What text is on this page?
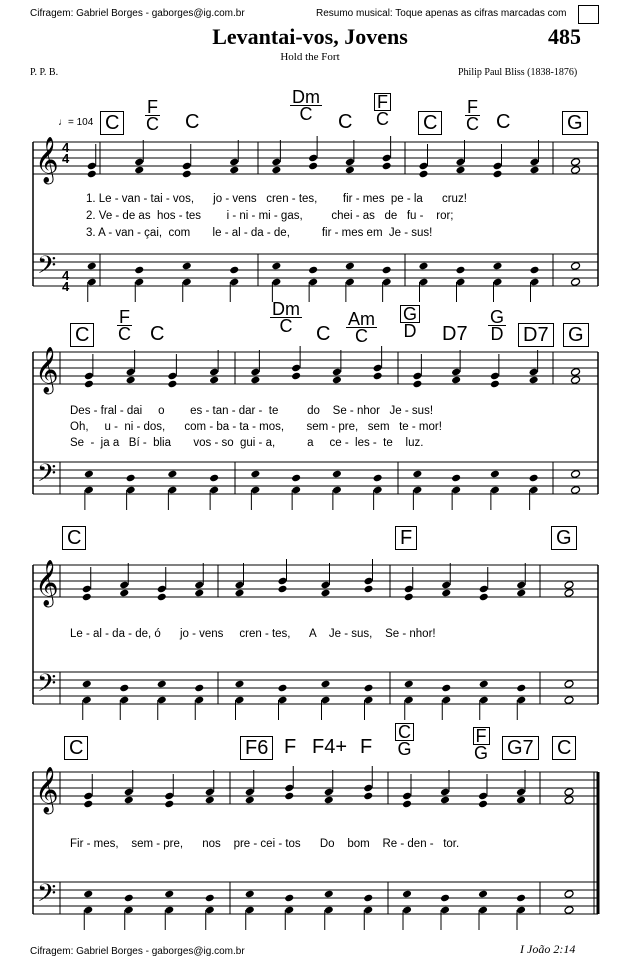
Cifragem: Gabriel Borges - gaborges@ig.com.br	Resumo musical: Toque apenas as cifras marcadas com
Levantai-vos, Jovens	485
Hold the Fort
P. P. B.	Philip Paul Bliss (1838-1876)
♩= 104
𝄞
𝄢
𝄞
𝄢
𝄞
𝄢
𝄞
𝄢
4
4
4
4
C
F
C C
Dm
C C
F
C C
F
C C	G
1. Le - van - tai - vos,      jo - vens   cren - tes,        fir - mes  pe - la      cruz!
2. Ve - de as  hos - tes        i - ni - mi - gas,         chei - as   de   fu -    ror;
3. A - van - çai,  com       le - al - da - de,          fir - mes em  Je - sus!
C
F
C C
Dm
C C
Am
C
G
D D7
G
D D7 G
Des - fral - dai     o        es - tan - dar -  te         do    Se - nhor   Je - sus!
Oh,     u -  ni - dos,      com - ba - ta - mos,       sem - pre,   sem   te - mor!
Se  -  ja a   Bí -  blia       vos - so  gui - a,          a     ce -  les -  te    luz.
C	F	G
Le - al - da - de, ó      jo - vens     cren - tes,      A    Je - sus,    Se - nhor!
C	F6 F F4+ F
C
G
F
G G7 C
Fir - mes,    sem - pre,      nos    pre - cei - tos      Do    bom    Re - den -   tor.
Cifragem: Gabriel Borges - gaborges@ig.com.br	I João 2:14
